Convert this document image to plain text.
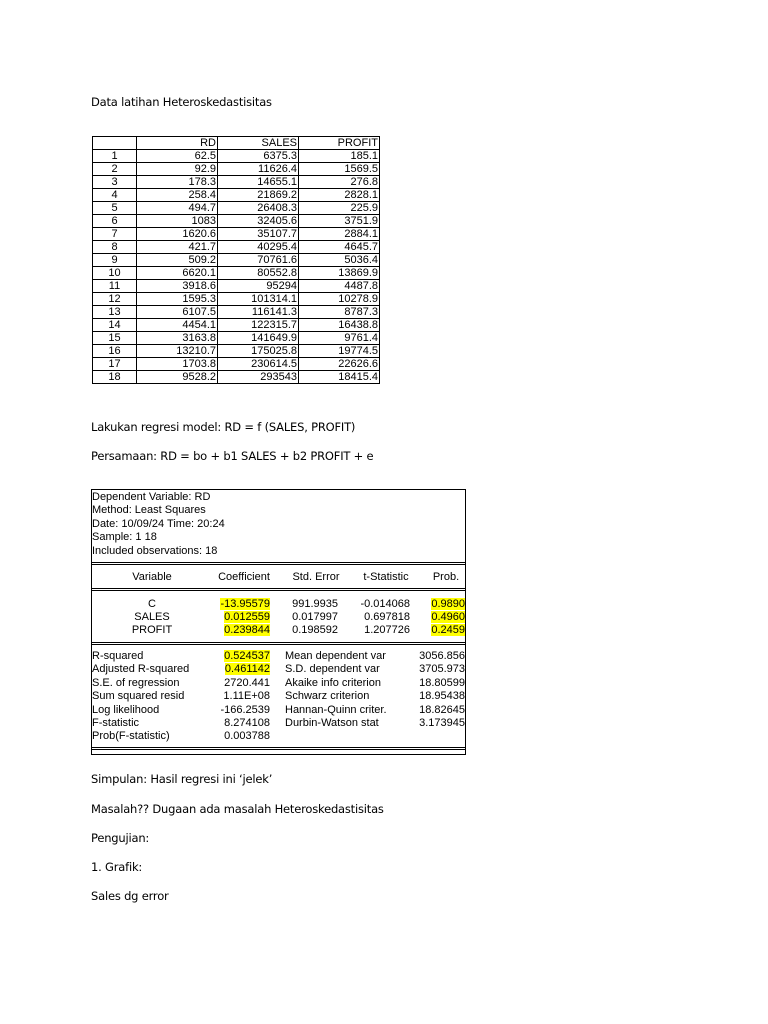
Data latihan Heteroskedastisitas

	RD	SALES	PROFIT
1	62.5	6375.3	185.1
2	92.9	11626.4	1569.5
3	178.3	14655.1	276.8
4	258.4	21869.2	2828.1
5	494.7	26408.3	225.9
6	1083	32405.6	3751.9
7	1620.6	35107.7	2884.1
8	421.7	40295.4	4645.7
9	509.2	70761.6	5036.4
10	6620.1	80552.8	13869.9
11	3918.6	95294	4487.8
12	1595.3	101314.1	10278.9
13	6107.5	116141.3	8787.3
14	4454.1	122315.7	16438.8
15	3163.8	141649.9	9761.4
16	13210.7	175025.8	19774.5
17	1703.8	230614.5	22626.6
18	9528.2	293543	18415.4

Lakukan regresi model: RD = f (SALES, PROFIT)

Persamaan: RD = bo + b1 SALES + b2 PROFIT + e

Dependent Variable: RD
Method: Least Squares
Date: 10/09/24 Time: 20:24
Sample: 1 18
Included observations: 18
Variable	Coefficient	Std. Error	t-Statistic	Prob.
C	-13.95579 991.9935 -0.014068 0.9890
SALES	0.012559 0.017997 0.697818 0.4960
PROFIT	0.239844 0.198592 1.207726 0.2459
R-squared	0.524537 Mean dependent var	3056.856
Adjusted R-squared	0.461142 S.D. dependent var	3705.973
S.E. of regression	2720.441 Akaike info criterion	18.80599
Sum squared resid	1.11E+08 Schwarz criterion	18.95438
Log likelihood	-166.2539 Hannan-Quinn criter.	18.82645
F-statistic	8.274108 Durbin-Watson stat	3.173945
Prob(F-statistic)	0.003788

Simpulan: Hasil regresi ini ‘jelek’

Masalah?? Dugaan ada masalah Heteroskedastisitas

Pengujian:

1. Grafik:

Sales dg error
